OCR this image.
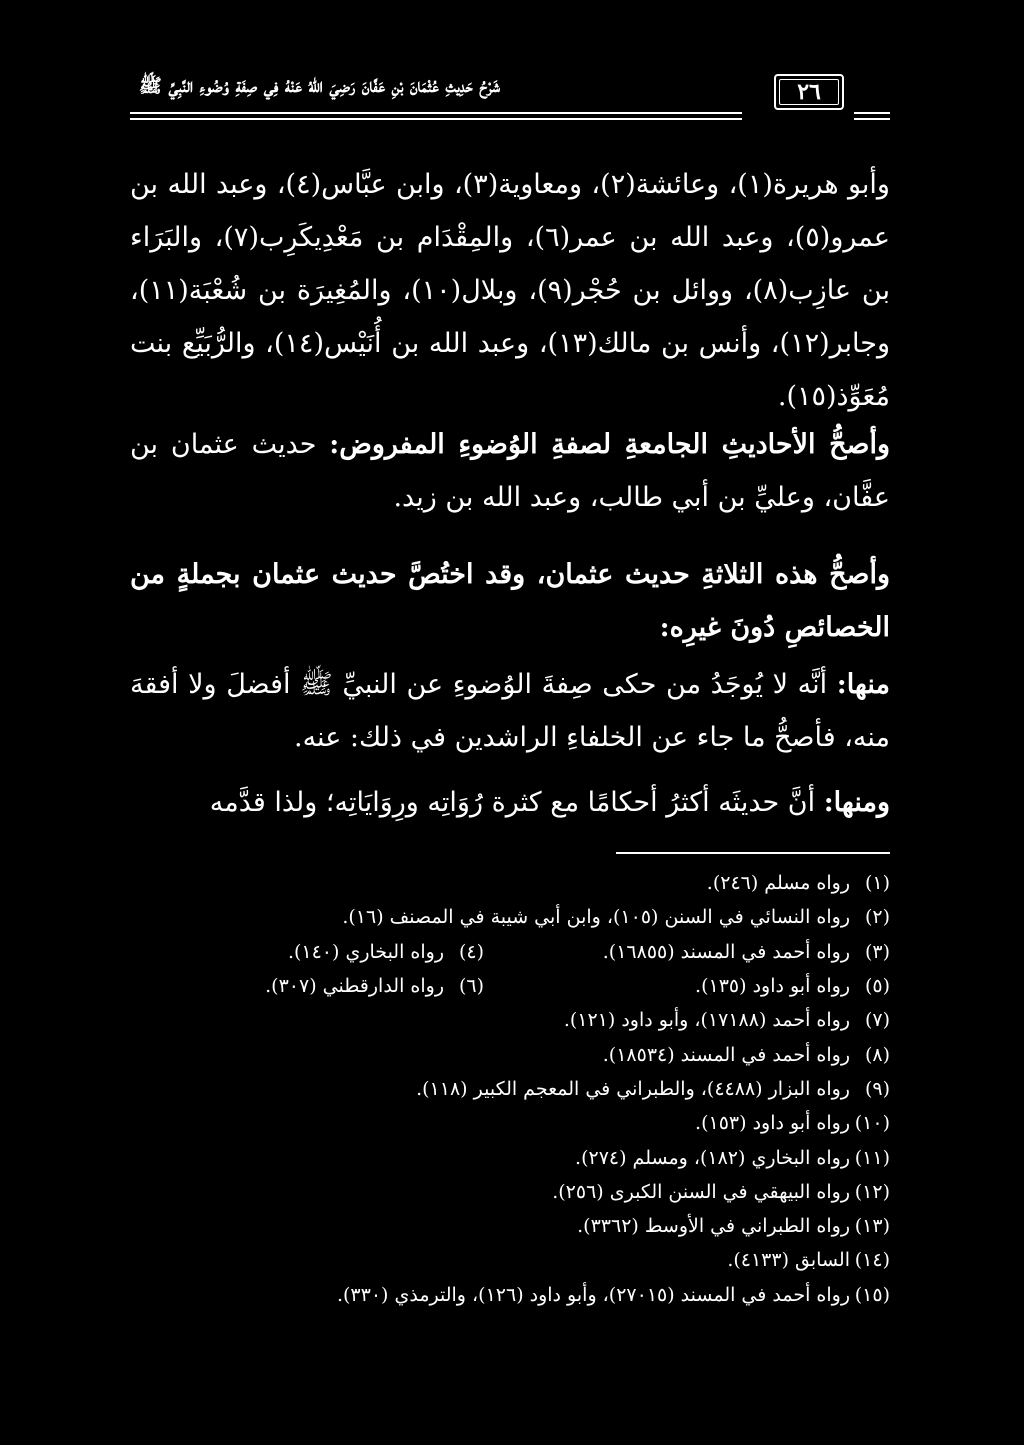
٢٦
شَرْحُ حَدِيثِ عُثْمَانَ بْنِ عَفَّانَ رَضِيَ اللهُ عَنْهُ فِي صِفَةِ وُضُوءِ النَّبِيِّ ﷺ
وأبو هريرة(١)، وعائشة(٢)، ومعاوية(٣)، وابن عبَّاس(٤)، وعبد الله بن عمرو(٥)، وعبد الله بن عمر(٦)، والمِقْدَام بن مَعْدِيكَرِب(٧)، والبَرَاء بن عازِب(٨)، ووائل بن حُجْر(٩)، وبلال(١٠)، والمُغِيرَة بن شُعْبَة(١١)، وجابر(١٢)، وأنس بن مالك(١٣)، وعبد الله بن أُنَيْس(١٤)، والرُّبَيِّع بنت مُعَوِّذ(١٥).
وأصحُّ الأحاديثِ الجامعةِ لصفةِ الوُضوءِ المفروض: حديث عثمان بن عفَّان، وعليِّ بن أبي طالب، وعبد الله بن زيد.
وأصحُّ هذه الثلاثةِ حديث عثمان، وقد اختُصَّ حديث عثمان بجملةٍ من الخصائصِ دُونَ غيرِه:
منها: أنَّه لا يُوجَدُ من حكى صِفةَ الوُضوءِ عن النبيِّ ﷺ أفضلَ ولا أفقهَ منه، فأصحُّ ما جاء عن الخلفاءِ الراشدين في ذلك: عنه.
ومنها: أنَّ حديثَه أكثرُ أحكامًا مع كثرة رُوَاتِه ورِوَايَاتِه؛ ولذا قدَّمه
(١)
رواه مسلم (٢٤٦).
(٢)
رواه النسائي في السنن (١٠٥)، وابن أبي شيبة في المصنف (١٦).
(٣)
رواه أحمد في المسند (١٦٨٥٥).
(٤)
رواه البخاري (١٤٠).
(٥)
رواه أبو داود (١٣٥).
(٦)
رواه الدارقطني (٣٠٧).
(٧)
رواه أحمد (١٧١٨٨)، وأبو داود (١٢١).
(٨)
رواه أحمد في المسند (١٨٥٣٤).
(٩)
رواه البزار (٤٤٨٨)، والطبراني في المعجم الكبير (١١٨).
(١٠)
رواه أبو داود (١٥٣).
(١١)
رواه البخاري (١٨٢)، ومسلم (٢٧٤).
(١٢)
رواه البيهقي في السنن الكبرى (٢٥٦).
(١٣)
رواه الطبراني في الأوسط (٣٣٦٢).
(١٤)
السابق (٤١٣٣).
(١٥)
رواه أحمد في المسند (٢٧٠١٥)، وأبو داود (١٢٦)، والترمذي (٣٣٠).
